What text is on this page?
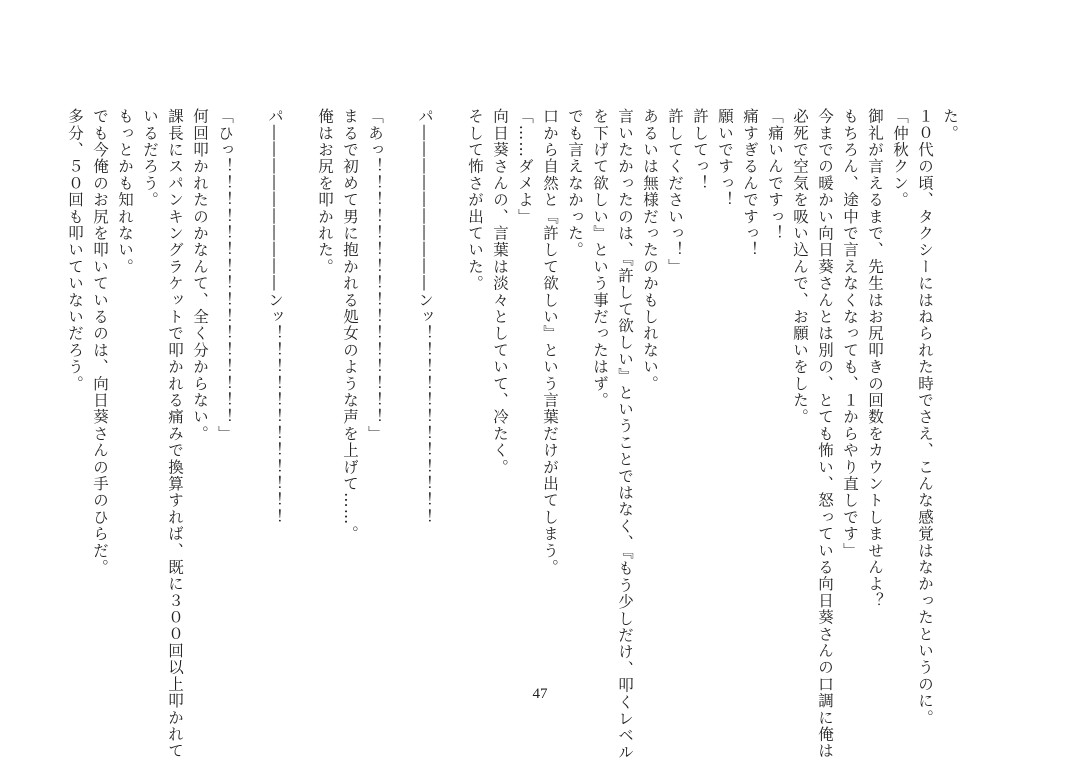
た。
１０代の頃、タクシーにはねられた時でさえ、こんな感覚はなかったというのに。
「仲秋クン。
御礼が言えるまで、先生はお尻叩きの回数をカウントしませんよ？
もちろん、途中で言えなくなっても、１からやり直しです」
今までの暖かい向日葵さんとは別の、とても怖い、怒っている向日葵さんの口調に俺は
必死で空気を吸い込んで、お願いをした。
「痛いんですっ！
痛すぎるんですっ！
願いですっ！
許してっ！
許してくださいっ！」
あるいは無様だったのかもしれない。
言いたかったのは、『許して欲しい』ということではなく、『もう少しだけ、叩くレベル
を下げて欲しい』という事だったはず。
でも言えなかった。
口から自然と『許して欲しい』という言葉だけが出てしまう。
「……ダメよ」
向日葵さんの、言葉は淡々としていて、冷たく。
そして怖さが出ていた。
パ――――――――――ンッ！！！！！！！！！！！！
「あっ！！！！！！！！！！！！！！！！」
まるで初めて男に抱かれる処女のような声を上げて……。
俺はお尻を叩かれた。
パ――――――――――ンッ！！！！！！！！！！！！
「ひっ！！！！！！！！！！！！！！！！」
何回叩かれたのかなんて、全く分からない。
課長にスパンキングラケットで叩かれる痛みで換算すれば、既に３００回以上叩かれて
いるだろう。
もっとかも知れない。
でも今俺のお尻を叩いているのは、向日葵さんの手のひらだ。
多分、５０回も叩いていないだろう。
47
